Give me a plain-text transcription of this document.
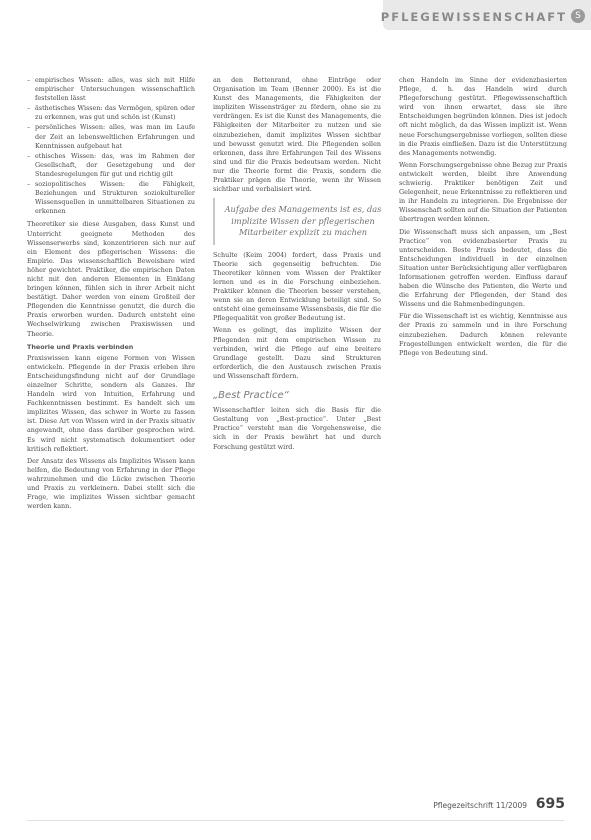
PFLEGEWISSENSCHAFT S
– empirisches Wissen: alles, was sich mit Hilfe empirischer Untersuchungen wissenschaftlich feststellen lässt
– ästhetisches Wissen: das Vermögen, spüren oder zu erkennen, was gut und schön ist (Kunst)
– persönliches Wissen: alles, was man im Laufe der Zeit an lebensweltlichen Erfahrungen und Kenntnissen aufgebaut hat
– ethisches Wissen: das, was im Rahmen der Gesellschaft, der Gesetzgebung und der Standesregelungen für gut und richtig gilt
– soziopolitisches Wissen: die Fähigkeit, Beziehungen und Strukturen soziokultureller Wissensquellen in unmittelbaren Situationen zu erkennen

Theoretiker sie diese Ausgaben, dass Kunst und Unterricht geeignete Methoden des Wissenserwerbs sind, konzentrieren sich nur auf ein Element des pflegerischen Wissens: die Empirie. Das wissenschaftlich Beweisbare wird höher gewichtet. Praktiker, die empirischen Daten nicht mit den anderen Elementen in Einklang bringen können, fühlen sich in ihrer Arbeit nicht bestätigt. Daher werden von einem Großteil der Pflegenden die Kenntnisse genutzt, die durch die Praxis erworben wurden. Dadurch entsteht eine Wechselwirkung zwischen Praxiswissen und Theorie.

Theorie und Praxis verbinden

Praxiswissen kann eigene Formen von Wissen entwickeln. Pflegende in der Praxis erleben ihre Entscheidungsfindung nicht auf der Grundlage einzelner Schritte, sondern als Ganzes. Ihr Handeln wird von Intuition, Erfahrung und Fachkenntnissen bestimmt. Es handelt sich um implizites Wissen, das schwer in Worte zu fassen ist. Diese Art von Wissen wird in der Praxis situativ angewandt, ohne dass darüber gesprochen wird. Es wird nicht systematisch dokumentiert oder kritisch reflektiert.

Der Ansatz des Wissens als Implizites Wissen kann helfen, die Bedeutung von Erfahrung in der Pflege wahrzunehmen und die Lücke zwischen Theorie und Praxis zu verkleinern. Dabei stellt sich die Frage, wie implizites Wissen sichtbar gemacht werden kann.

an den Bettenrand, ohne Einträge oder Organisation im Team (Benner 2000). Es ist die Kunst des Managements, die Fähigkeiten der impliziten Wissensträger zu fördern, ohne sie zu verdrängen. Es ist die Kunst des Managements, die Fähigkeiten der Mitarbeiter zu nutzen und sie einzubeziehen, damit implizites Wissen sichtbar und bewusst genutzt wird. Die Pflegenden sollen erkennen, dass ihre Erfahrungen Teil des Wissens sind und für die Praxis bedeutsam werden. Nicht nur die Theorie formt die Praxis, sondern die Praktiker prägen die Theorie, wenn ihr Wissen sichtbar und verbalisiert wird.

Aufgabe des Managements ist es, das implizite Wissen der pflegerischen Mitarbeiter explizit zu machen

Schulte (Keim 2004) fordert, dass Praxis und Theorie sich gegenseitig befruchten. Die Theoretiker können vom Wissen der Praktiker lernen und es in die Forschung einbeziehen. Praktiker können die Theorien besser verstehen, wenn sie an deren Entwicklung beteiligt sind. So entsteht eine gemeinsame Wissensbasis, die für die Pflegequalität von großer Bedeutung ist.

Wenn es gelingt, das implizite Wissen der Pflegenden mit dem empirischen Wissen zu verbinden, wird die Pflege auf eine breitere Grundlage gestellt. Dazu sind Strukturen erforderlich, die den Austausch zwischen Praxis und Wissenschaft fördern.

„Best Practice“

Wissenschaftler leiten sich die Basis für die Gestaltung von „Best-practice“. Unter „Best Practice“ versteht man die Vorgehensweise, die sich in der Praxis bewährt hat und durch Forschung gestützt wird.

chen Handeln im Sinne der evidenzbasierten Pflege, d. h. das Handeln wird durch Pflegeforschung gestützt. Pflegewissenschaftlich wird von ihnen erwartet, dass sie ihre Entscheidungen begründen können. Dies ist jedoch oft nicht möglich, da das Wissen implizit ist. Wenn neue Forschungsergebnisse vorliegen, sollten diese in die Praxis einfließen. Dazu ist die Unterstützung des Managements notwendig.

Wenn Forschungsergebnisse ohne Bezug zur Praxis entwickelt werden, bleibt ihre Anwendung schwierig. Praktiker benötigen Zeit und Gelegenheit, neue Erkenntnisse zu reflektieren und in ihr Handeln zu integrieren. Die Ergebnisse der Wissenschaft sollten auf die Situation der Patienten übertragen werden können.

Die Wissenschaft muss sich anpassen, um „Best Practice“ von evidenzbasierter Praxis zu unterscheiden. Beste Praxis bedeutet, dass die Entscheidungen individuell in der einzelnen Situation unter Berücksichtigung aller verfügbaren Informationen getroffen werden. Einfluss darauf haben die Wünsche des Patienten, die Werte und die Erfahrung der Pflegenden, der Stand des Wissens und die Rahmenbedingungen.

Für die Wissenschaft ist es wichtig, Kenntnisse aus der Praxis zu sammeln und in ihre Forschung einzubeziehen. Dadurch können relevante Fragestellungen entwickelt werden, die für die Pflege von Bedeutung sind.

Pflegezeitschrift 11/2009 695
